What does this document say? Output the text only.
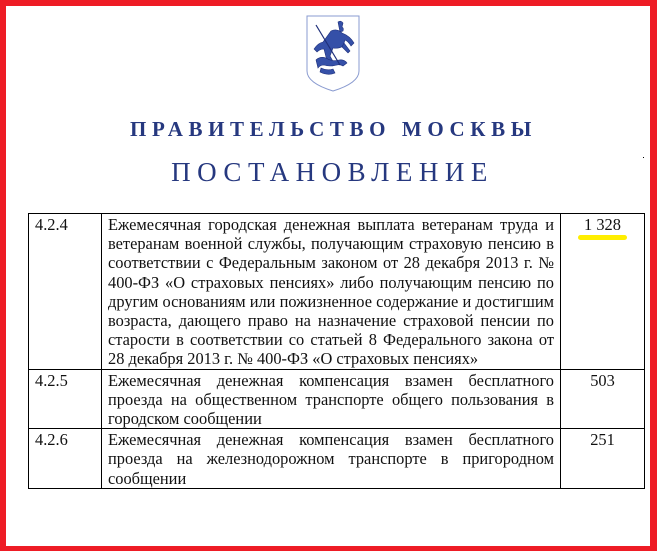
ПРАВИТЕЛЬСТВО МОСКВЫ
ПОСТАНОВЛЕНИЕ
4.2.4	Ежемесячная городская денежная выплата ветеранам труда и ветеранам военной службы, получающим страховую пенсию в соответствии с Федеральным законом от 28 декабря 2013 г. № 400-ФЗ «О страховых пенсиях» либо получающим пенсию по другим основаниям или пожизненное содержание и достигшим возраста, дающего право на назначение страховой пенсии по старости в соответствии со статьей 8 Федерального закона от 28 декабря 2013 г. № 400-ФЗ «О страховых пенсиях»	1 328
4.2.5	Ежемесячная денежная компенсация взамен бесплатного проезда на общественном транспорте общего пользования в городском сообщении	503
4.2.6	Ежемесячная денежная компенсация взамен бесплатного проезда на железнодорожном транспорте в пригородном сообщении	251
